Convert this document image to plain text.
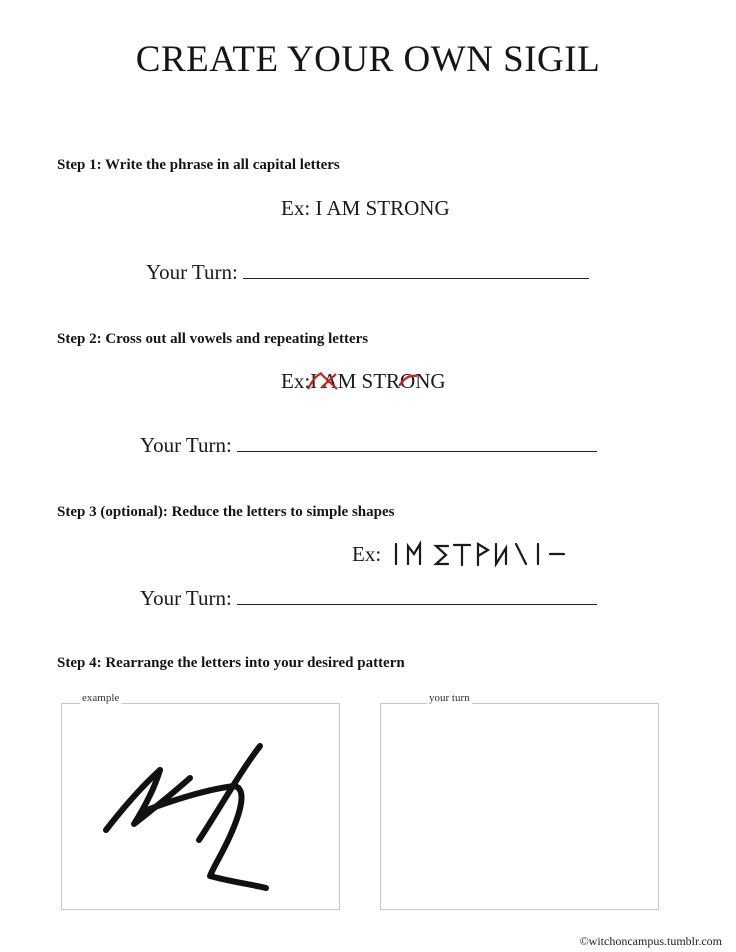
CREATE YOUR OWN SIGIL
Step 1: Write the phrase in all capital letters
Ex: I AM STRONG
Your Turn:
Step 2: Cross out all vowels and repeating letters
Ex:I A
M STRO
NG
Your Turn:
Step 3 (optional): Reduce the letters to simple shapes
Ex:
Your Turn:
Step 4: Rearrange the letters into your desired pattern
example	your turn
©witchoncampus.tumblr.com
